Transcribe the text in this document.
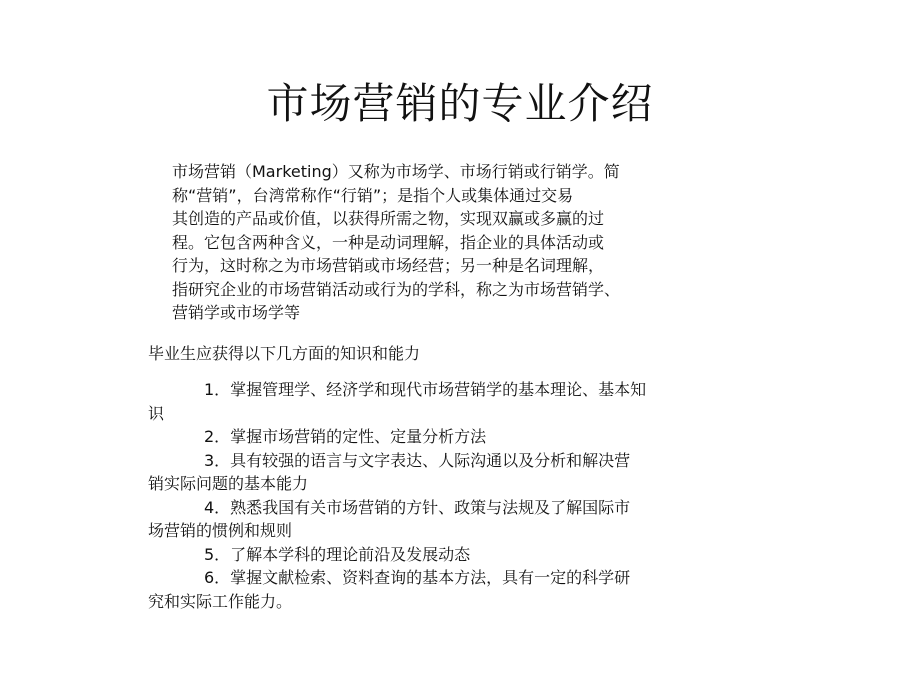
市场营销的专业介绍
市场营销（Marketing）又称为市场学、市场行销或行销学。简
称“营销”，台湾常称作“行销”；是指个人或集体通过交易
其创造的产品或价值，以获得所需之物，实现双赢或多赢的过
程。它包含两种含义，一种是动词理解，指企业的具体活动或
行为，这时称之为市场营销或市场经营；另一种是名词理解，
指研究企业的市场营销活动或行为的学科，称之为市场营销学、
营销学或市场学等
毕业生应获得以下几方面的知识和能力
1．掌握管理学、经济学和现代市场营销学的基本理论、基本知
识
2．掌握市场营销的定性、定量分析方法
3．具有较强的语言与文字表达、人际沟通以及分析和解决营
销实际问题的基本能力
4．熟悉我国有关市场营销的方针、政策与法规及了解国际市
场营销的惯例和规则
5．了解本学科的理论前沿及发展动态
6．掌握文献检索、资料查询的基本方法，具有一定的科学研
究和实际工作能力。
